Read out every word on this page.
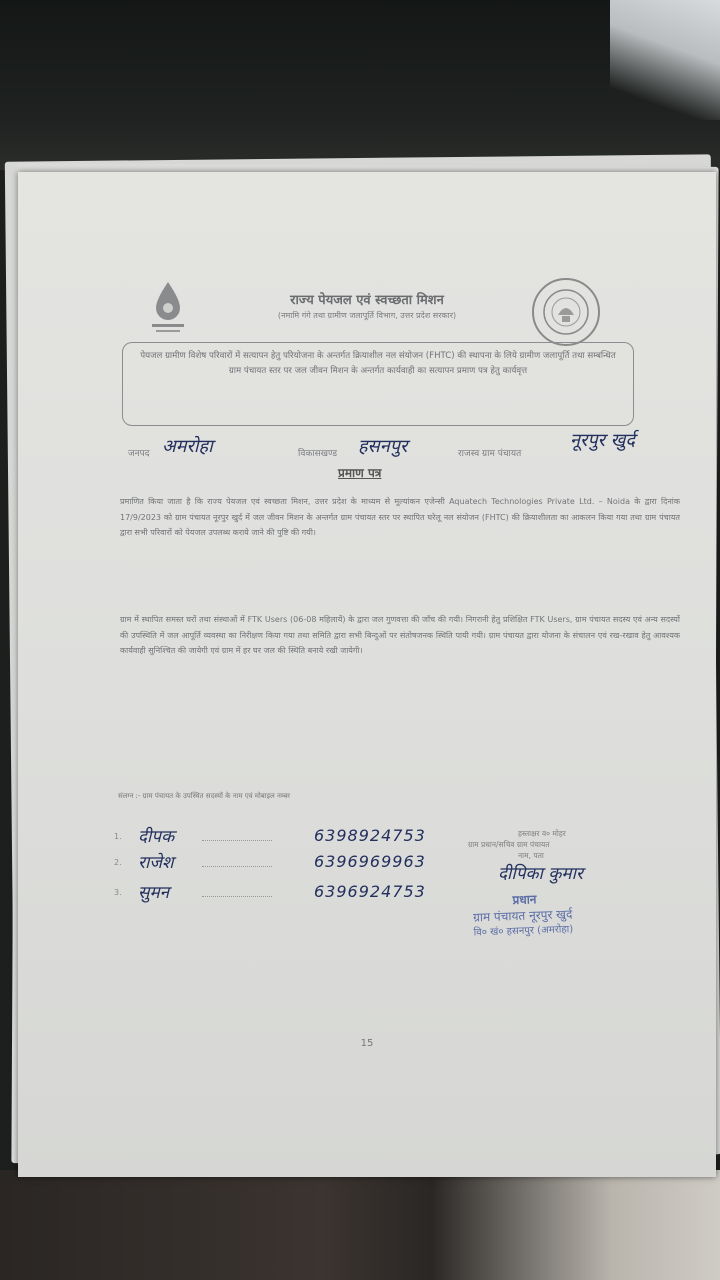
राज्य पेयजल एवं स्वच्छता मिशन
(नमामि गंगे तथा ग्रामीण जलापूर्ति विभाग, उत्तर प्रदेश सरकार)
पेयजल ग्रामीण विशेष परिवारों में सत्यापन हेतु परियोजना के अन्तर्गत क्रियाशील नल संयोजन (FHTC) की स्थापना के लिये ग्रामीण जलापूर्ति तथा सम्बन्धित ग्राम पंचायत स्तर पर जल जीवन मिशन के अन्तर्गत कार्यवाही का सत्यापन प्रमाण पत्र हेतु कार्यवृत्त
जनपद अमरोहा	विकासखण्ड हसनपुर	राजस्व ग्राम पंचायत
नूरपुर खुर्द
प्रमाण पत्र
प्रमाणित किया जाता है कि राज्य पेयजल एवं स्वच्छता मिशन, उत्तर प्रदेश के माध्यम से मूल्यांकन एजेन्सी Aquatech Technologies Private Ltd. – Noida के द्वारा दिनांक 17/9/2023 को ग्राम पंचायत नूरपुर खुर्द में जल जीवन मिशन के अन्तर्गत ग्राम पंचायत स्तर पर स्थापित घरेलू नल संयोजन (FHTC) की क्रियाशीलता का आकलन किया गया तथा ग्राम पंचायत द्वारा सभी परिवारों को पेयजल उपलब्ध कराये जाने की पुष्टि की गयी।
ग्राम में स्थापित समस्त घरों तथा संस्थाओं में FTK Users (06-08 महिलायें) के द्वारा जल गुणवत्ता की जाँच की गयी। निगरानी हेतु प्रशिक्षित FTK Users, ग्राम पंचायत सदस्य एवं अन्य सदस्यों की उपस्थिति में जल आपूर्ति व्यवस्था का निरीक्षण किया गया तथा समिति द्वारा सभी बिन्दुओं पर संतोषजनक स्थिति पायी गयी। ग्राम पंचायत द्वारा योजना के संचालन एवं रख-रखाव हेतु आवश्यक कार्यवाही सुनिश्चित की जायेगी एवं ग्राम में हर घर जल की स्थिति बनाये रखी जायेगी।
संलग्न :- ग्राम पंचायत के उपस्थित सदस्यों के नाम एवं मोबाइल नम्बर
1. दीपक	6398924753
2. राजेश	6396969963
3. सुमन	6396924753
हस्ताक्षर व० मोहर
ग्राम प्रधान/सचिव ग्राम पंचायत
नाम, पता
दीपिका कुमार
प्रधान
ग्राम पंचायत नूरपुर खुर्द
वि० खं० हसनपुर (अमरोहा)
15
